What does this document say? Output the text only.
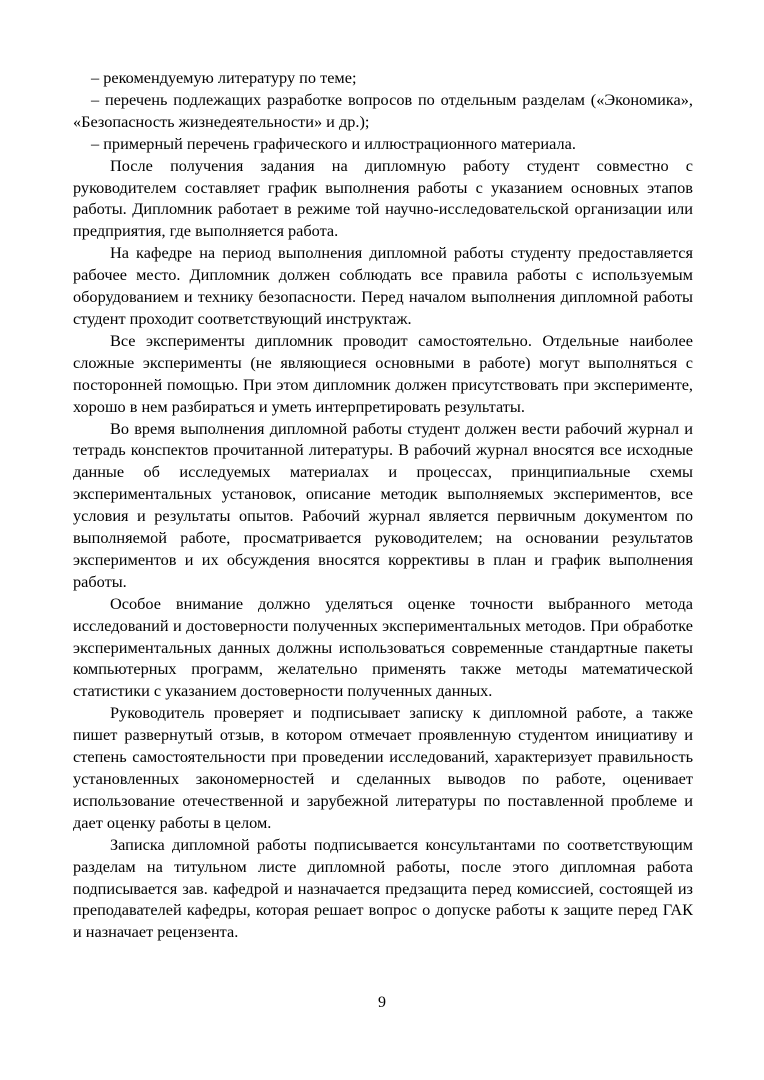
– рекомендуемую литературу по теме;

– перечень подлежащих разработке вопросов по отдельным разделам («Экономика», «Безопасность жизнедеятельности» и др.);

– примерный перечень графического и иллюстрационного материала.

После получения задания на дипломную работу студент совместно с руководителем составляет график выполнения работы с указанием основных этапов работы. Дипломник работает в режиме той научно-исследовательской организации или предприятия, где выполняется работа.

На кафедре на период выполнения дипломной работы студенту предоставляется рабочее место. Дипломник должен соблюдать все правила работы с используемым оборудованием и технику безопасности. Перед началом выполнения дипломной работы студент проходит соответствующий инструктаж.

Все эксперименты дипломник проводит самостоятельно. Отдельные наиболее сложные эксперименты (не являющиеся основными в работе) могут выполняться с посторонней помощью. При этом дипломник должен присутствовать при эксперименте, хорошо в нем разбираться и уметь интерпретировать результаты.

Во время выполнения дипломной работы студент должен вести рабочий журнал и тетрадь конспектов прочитанной литературы. В рабочий журнал вносятся все исходные данные об исследуемых материалах и процессах, принципиальные схемы экспериментальных установок, описание методик выполняемых экспериментов, все условия и результаты опытов. Рабочий журнал является первичным документом по выполняемой работе, просматривается руководителем; на основании результатов экспериментов и их обсуждения вносятся коррективы в план и график выполнения работы.

Особое внимание должно уделяться оценке точности выбранного метода исследований и достоверности полученных экспериментальных методов. При обработке экспериментальных данных должны использоваться современные стандартные пакеты компьютерных программ, желательно применять также методы математической статистики с указанием достоверности полученных данных.

Руководитель проверяет и подписывает записку к дипломной работе, а также пишет развернутый отзыв, в котором отмечает проявленную студентом инициативу и степень самостоятельности при проведении исследований, характеризует правильность установленных закономерностей и сделанных выводов по работе, оценивает использование отечественной и зарубежной литературы по поставленной проблеме и дает оценку работы в целом.

Записка дипломной работы подписывается консультантами по соответствующим разделам на титульном листе дипломной работы, после этого дипломная работа подписывается зав. кафедрой и назначается предзащита перед комиссией, состоящей из преподавателей кафедры, которая решает вопрос о допуске работы к защите перед ГАК и назначает рецензента.

9
